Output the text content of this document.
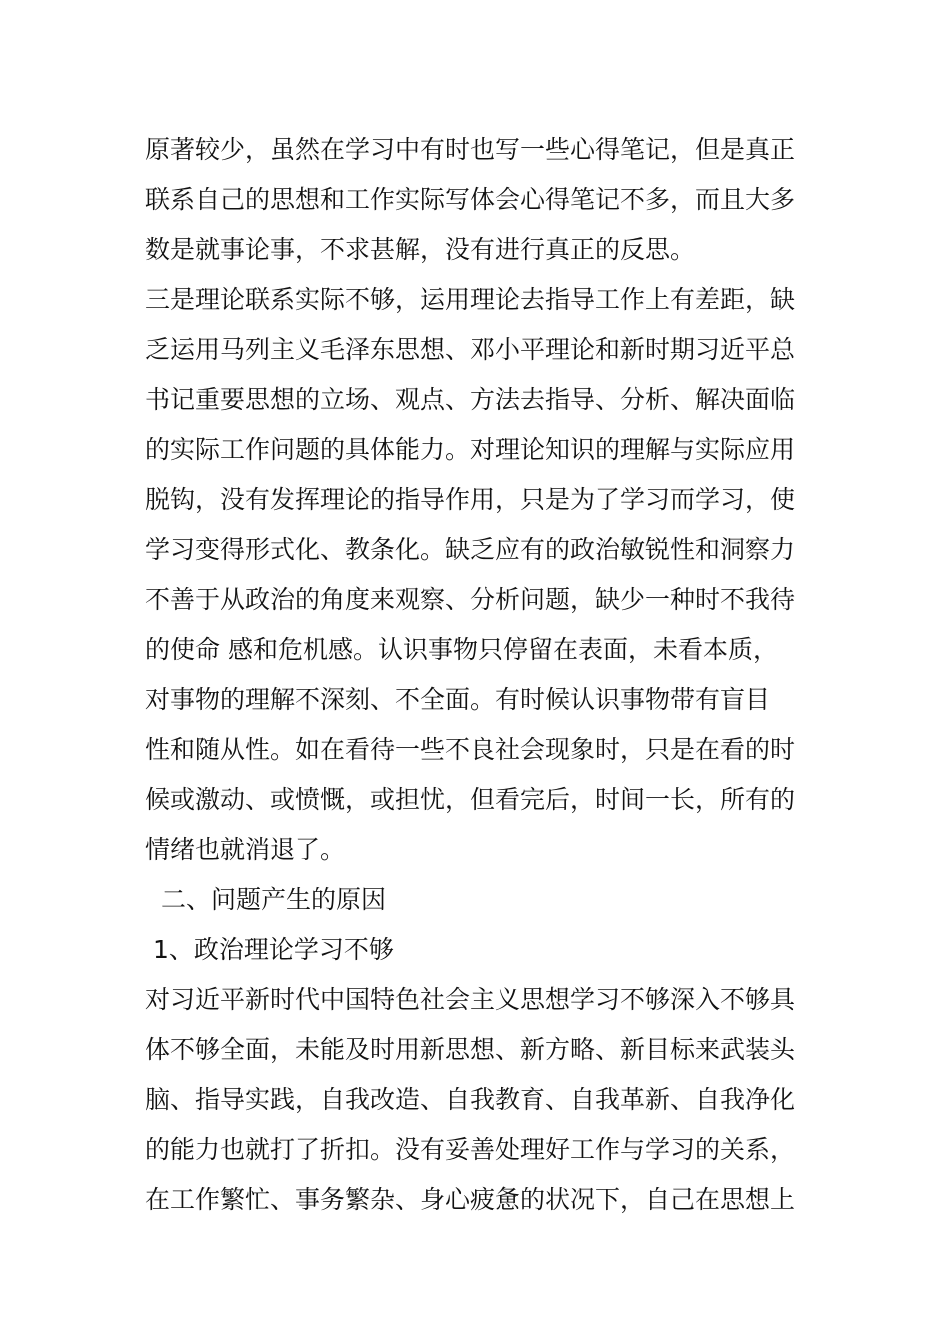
原著较少，虽然在学习中有时也写一些心得笔记，但是真正
联系自己的思想和工作实际写体会心得笔记不多，而且大多
数是就事论事，不求甚解，没有进行真正的反思。
三是理论联系实际不够，运用理论去指导工作上有差距，缺
乏运用马列主义毛泽东思想、邓小平理论和新时期习近平总
书记重要思想的立场、观点、方法去指导、分析、解决面临
的实际工作问题的具体能力。对理论知识的理解与实际应用
脱钩，没有发挥理论的指导作用，只是为了学习而学习，使
学习变得形式化、教条化。缺乏应有的政治敏锐性和洞察力
不善于从政治的角度来观察、分析问题，缺少一种时不我待
的使命 感和危机感。认识事物只停留在表面，未看本质，
对事物的理解不深刻、不全面。有时候认识事物带有盲目
性和随从性。如在看待一些不良社会现象时，只是在看的时
候或激动、或愤慨，或担忧，但看完后，时间一长，所有的
情绪也就消退了。
二、问题产生的原因
1、政治理论学习不够
对习近平新时代中国特色社会主义思想学习不够深入不够具
体不够全面，未能及时用新思想、新方略、新目标来武装头
脑、指导实践，自我改造、自我教育、自我革新、自我净化
的能力也就打了折扣。没有妥善处理好工作与学习的关系，
在工作繁忙、事务繁杂、身心疲惫的状况下，自己在思想上
